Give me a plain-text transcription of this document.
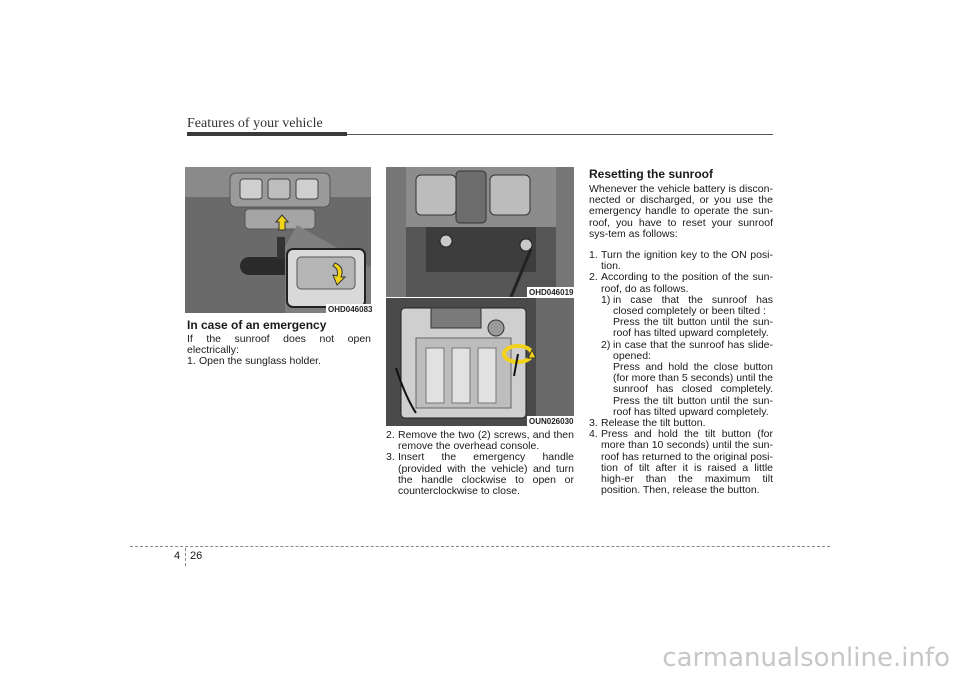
Features of your vehicle
OHD046083
In case of an emergency
If the sunroof does not open electrically:
1. Open the sunglass holder.
OHD046019
OUN026030
2. Remove the two (2) screws, and then remove the overhead console.
3. Insert the emergency handle (provided with the vehicle) and turn the handle clockwise to open or counterclockwise to close.
Resetting the sunroof
Whenever the vehicle battery is discon-nected or discharged, or you use the emergency handle to operate the sun-roof, you have to reset your sunroof sys-tem as follows:
1. Turn the ignition key to the ON posi-tion.
2. According to the position of the sun-roof, do as follows.
1) in case that the sunroof has closed completely or been tilted :
Press the tilt button until the sun-roof has tilted upward completely.
2) in case that the sunroof has slide-opened:
Press and hold the close button (for more than 5 seconds) until the sunroof has closed completely. Press the tilt button until the sun-roof has tilted upward completely.
3. Release the tilt button.
4. Press and hold the tilt button (for more than 10 seconds) until the sun-roof has returned to the original posi-tion of tilt after it is raised a little high-er than the maximum tilt position. Then, release the button.
4 26
carmanualsonline.info
